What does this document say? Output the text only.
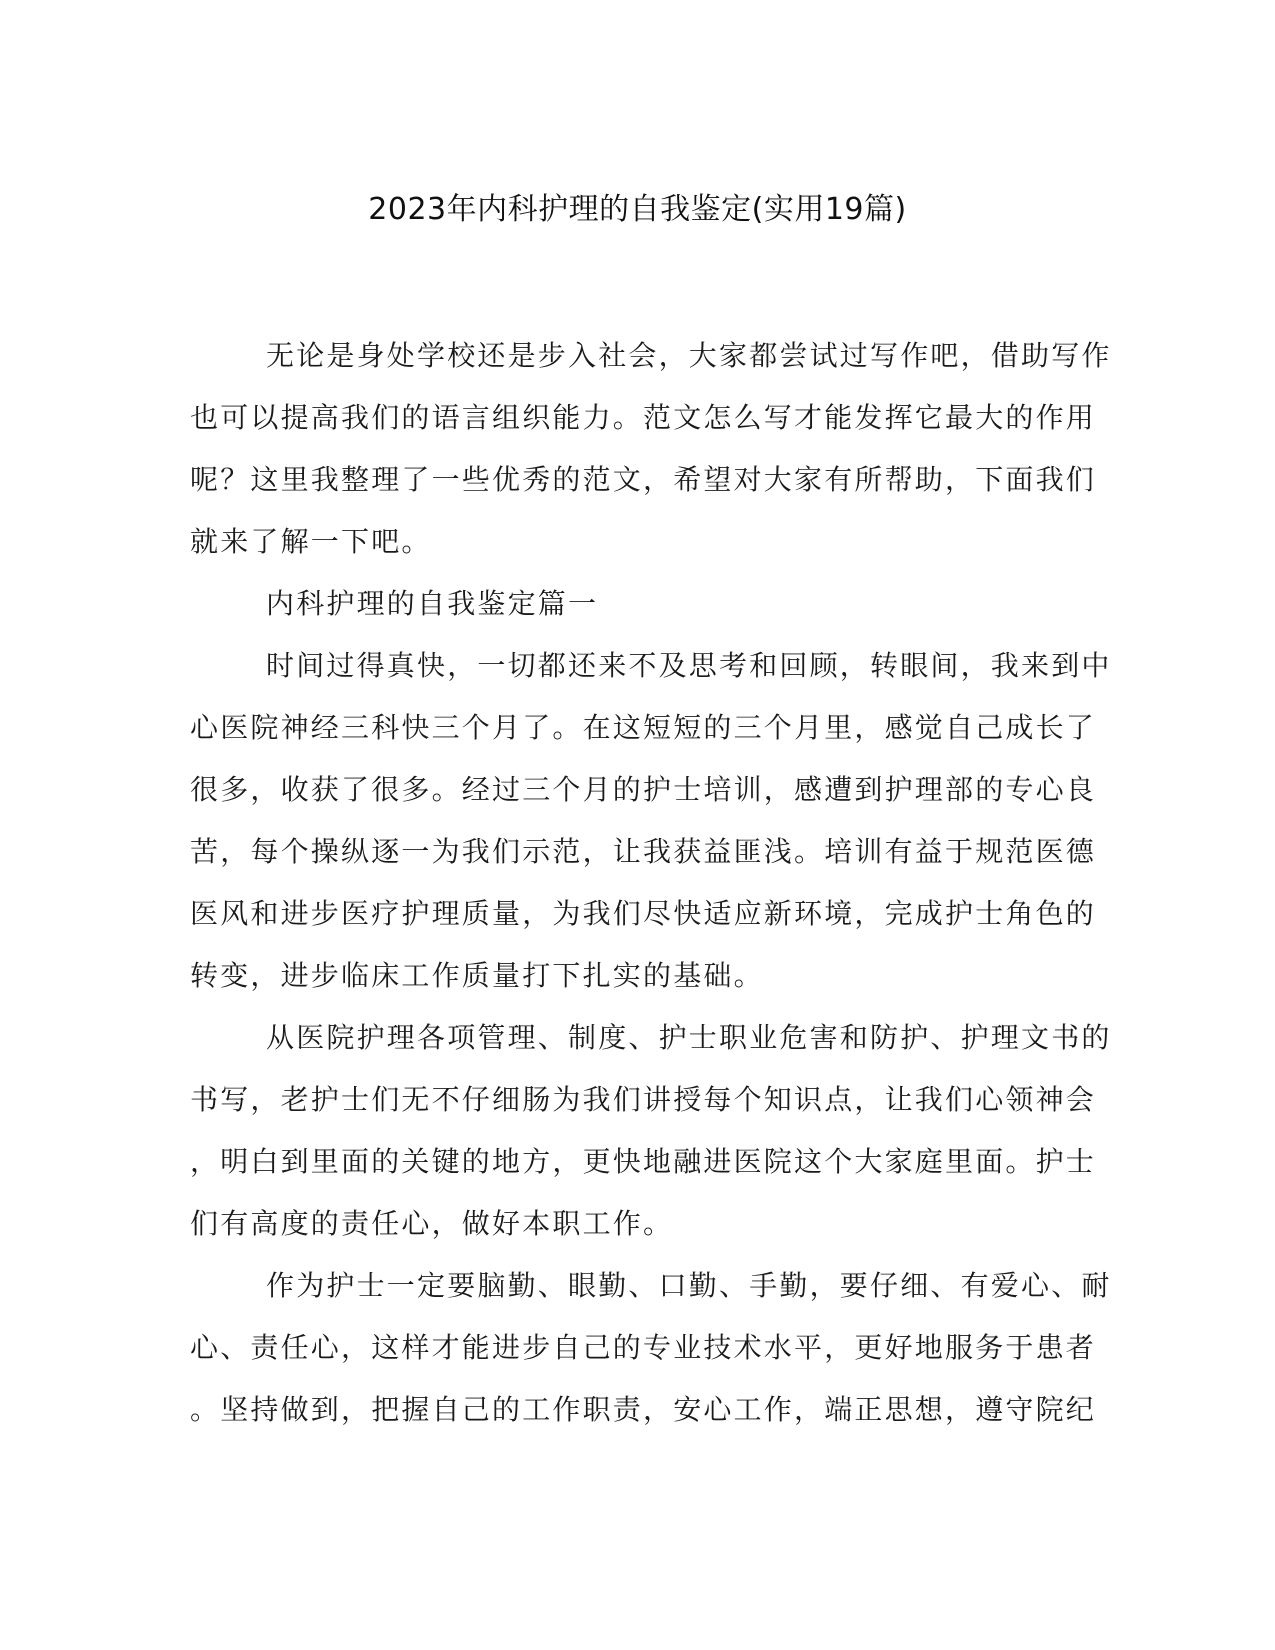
2023年内科护理的自我鉴定(实用19篇)
无论是身处学校还是步入社会，大家都尝试过写作吧，借助写作
也可以提高我们的语言组织能力。范文怎么写才能发挥它最大的作用
呢？这里我整理了一些优秀的范文，希望对大家有所帮助，下面我们
就来了解一下吧。
内科护理的自我鉴定篇一
时间过得真快，一切都还来不及思考和回顾，转眼间，我来到中
心医院神经三科快三个月了。在这短短的三个月里，感觉自己成长了
很多，收获了很多。经过三个月的护士培训，感遭到护理部的专心良
苦，每个操纵逐一为我们示范，让我获益匪浅。培训有益于规范医德
医风和进步医疗护理质量，为我们尽快适应新环境，完成护士角色的
转变，进步临床工作质量打下扎实的基础。
从医院护理各项管理、制度、护士职业危害和防护、护理文书的
书写，老护士们无不仔细肠为我们讲授每个知识点，让我们心领神会
，明白到里面的关键的地方，更快地融进医院这个大家庭里面。护士
们有高度的责任心，做好本职工作。
作为护士一定要脑勤、眼勤、口勤、手勤，要仔细、有爱心、耐
心、责任心，这样才能进步自己的专业技术水平，更好地服务于患者
。坚持做到，把握自己的工作职责，安心工作，端正思想，遵守院纪
